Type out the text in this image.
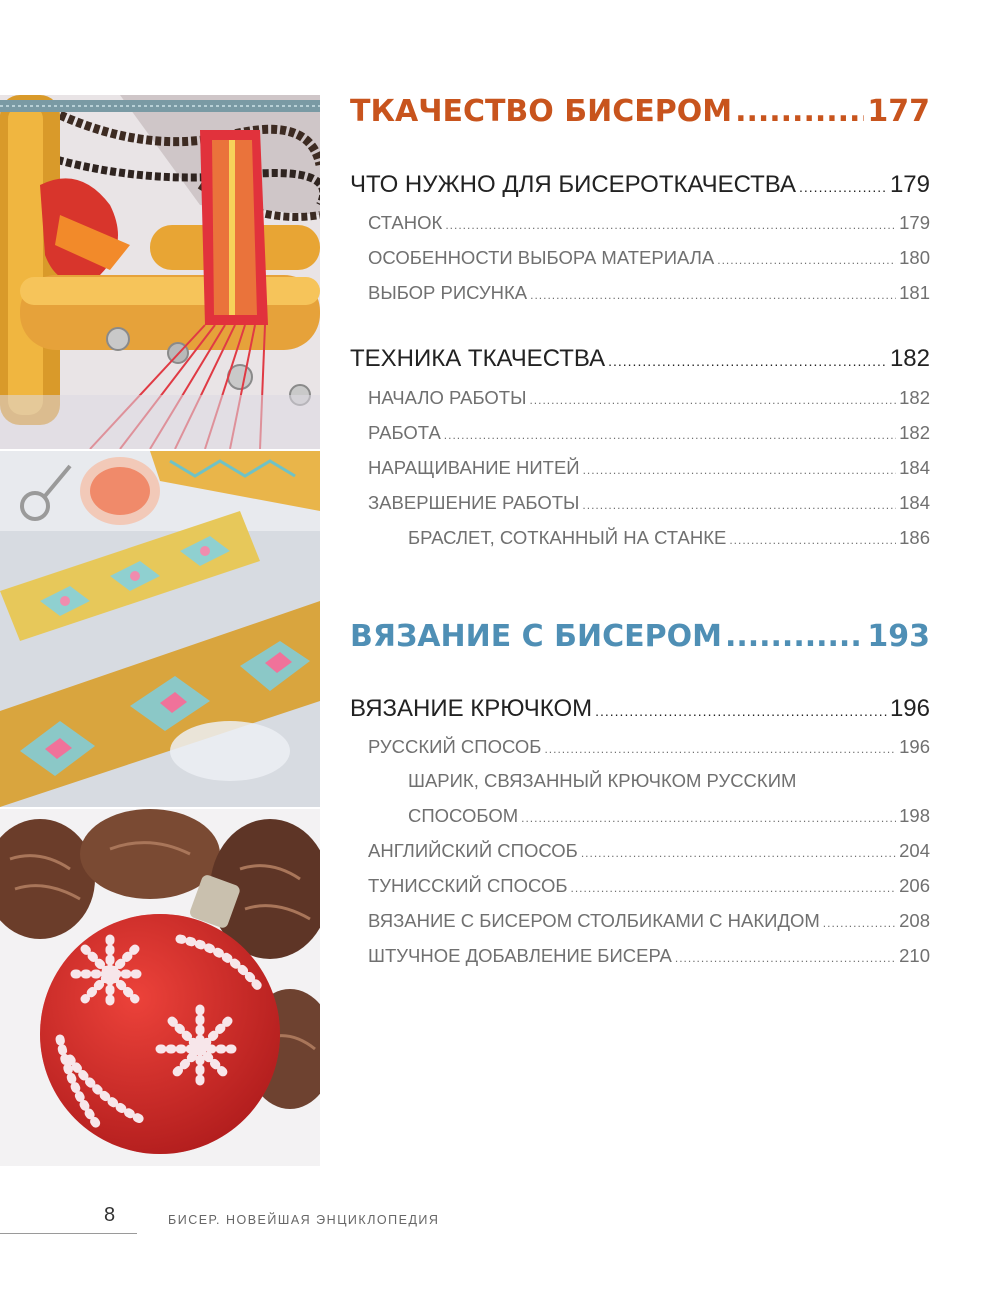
ТКАЧЕСТВО БИСЕРОМ .....	177
ЧТО НУЖНО ДЛЯ БИСЕРОТКАЧЕСТВА .....	179
СТАНОК .....	179
ОСОБЕННОСТИ ВЫБОРА МАТЕРИАЛА .....	180
ВЫБОР РИСУНКА .....	181
ТЕХНИКА ТКАЧЕСТВА .....	182
НАЧАЛО РАБОТЫ .....	182
РАБОТА .....	182
НАРАЩИВАНИЕ НИТЕЙ .....	184
ЗАВЕРШЕНИЕ РАБОТЫ .....	184
БРАСЛЕТ, СОТКАННЫЙ НА СТАНКЕ .....	186
ВЯЗАНИЕ С БИСЕРОМ .....	193
ВЯЗАНИЕ КРЮЧКОМ .....	196
РУССКИЙ СПОСОБ .....	196
ШАРИК, СВЯЗАННЫЙ КРЮЧКОМ РУССКИМ
СПОСОБОМ .....	198
АНГЛИЙСКИЙ СПОСОБ .....	204
ТУНИССКИЙ СПОСОБ .....	206
ВЯЗАНИЕ С БИСЕРОМ СТОЛБИКАМИ С НАКИДОМ .....	208
ШТУЧНОЕ ДОБАВЛЕНИЕ БИСЕРА .....	210
8	БИСЕР. НОВЕЙШАЯ ЭНЦИКЛОПЕДИЯ
